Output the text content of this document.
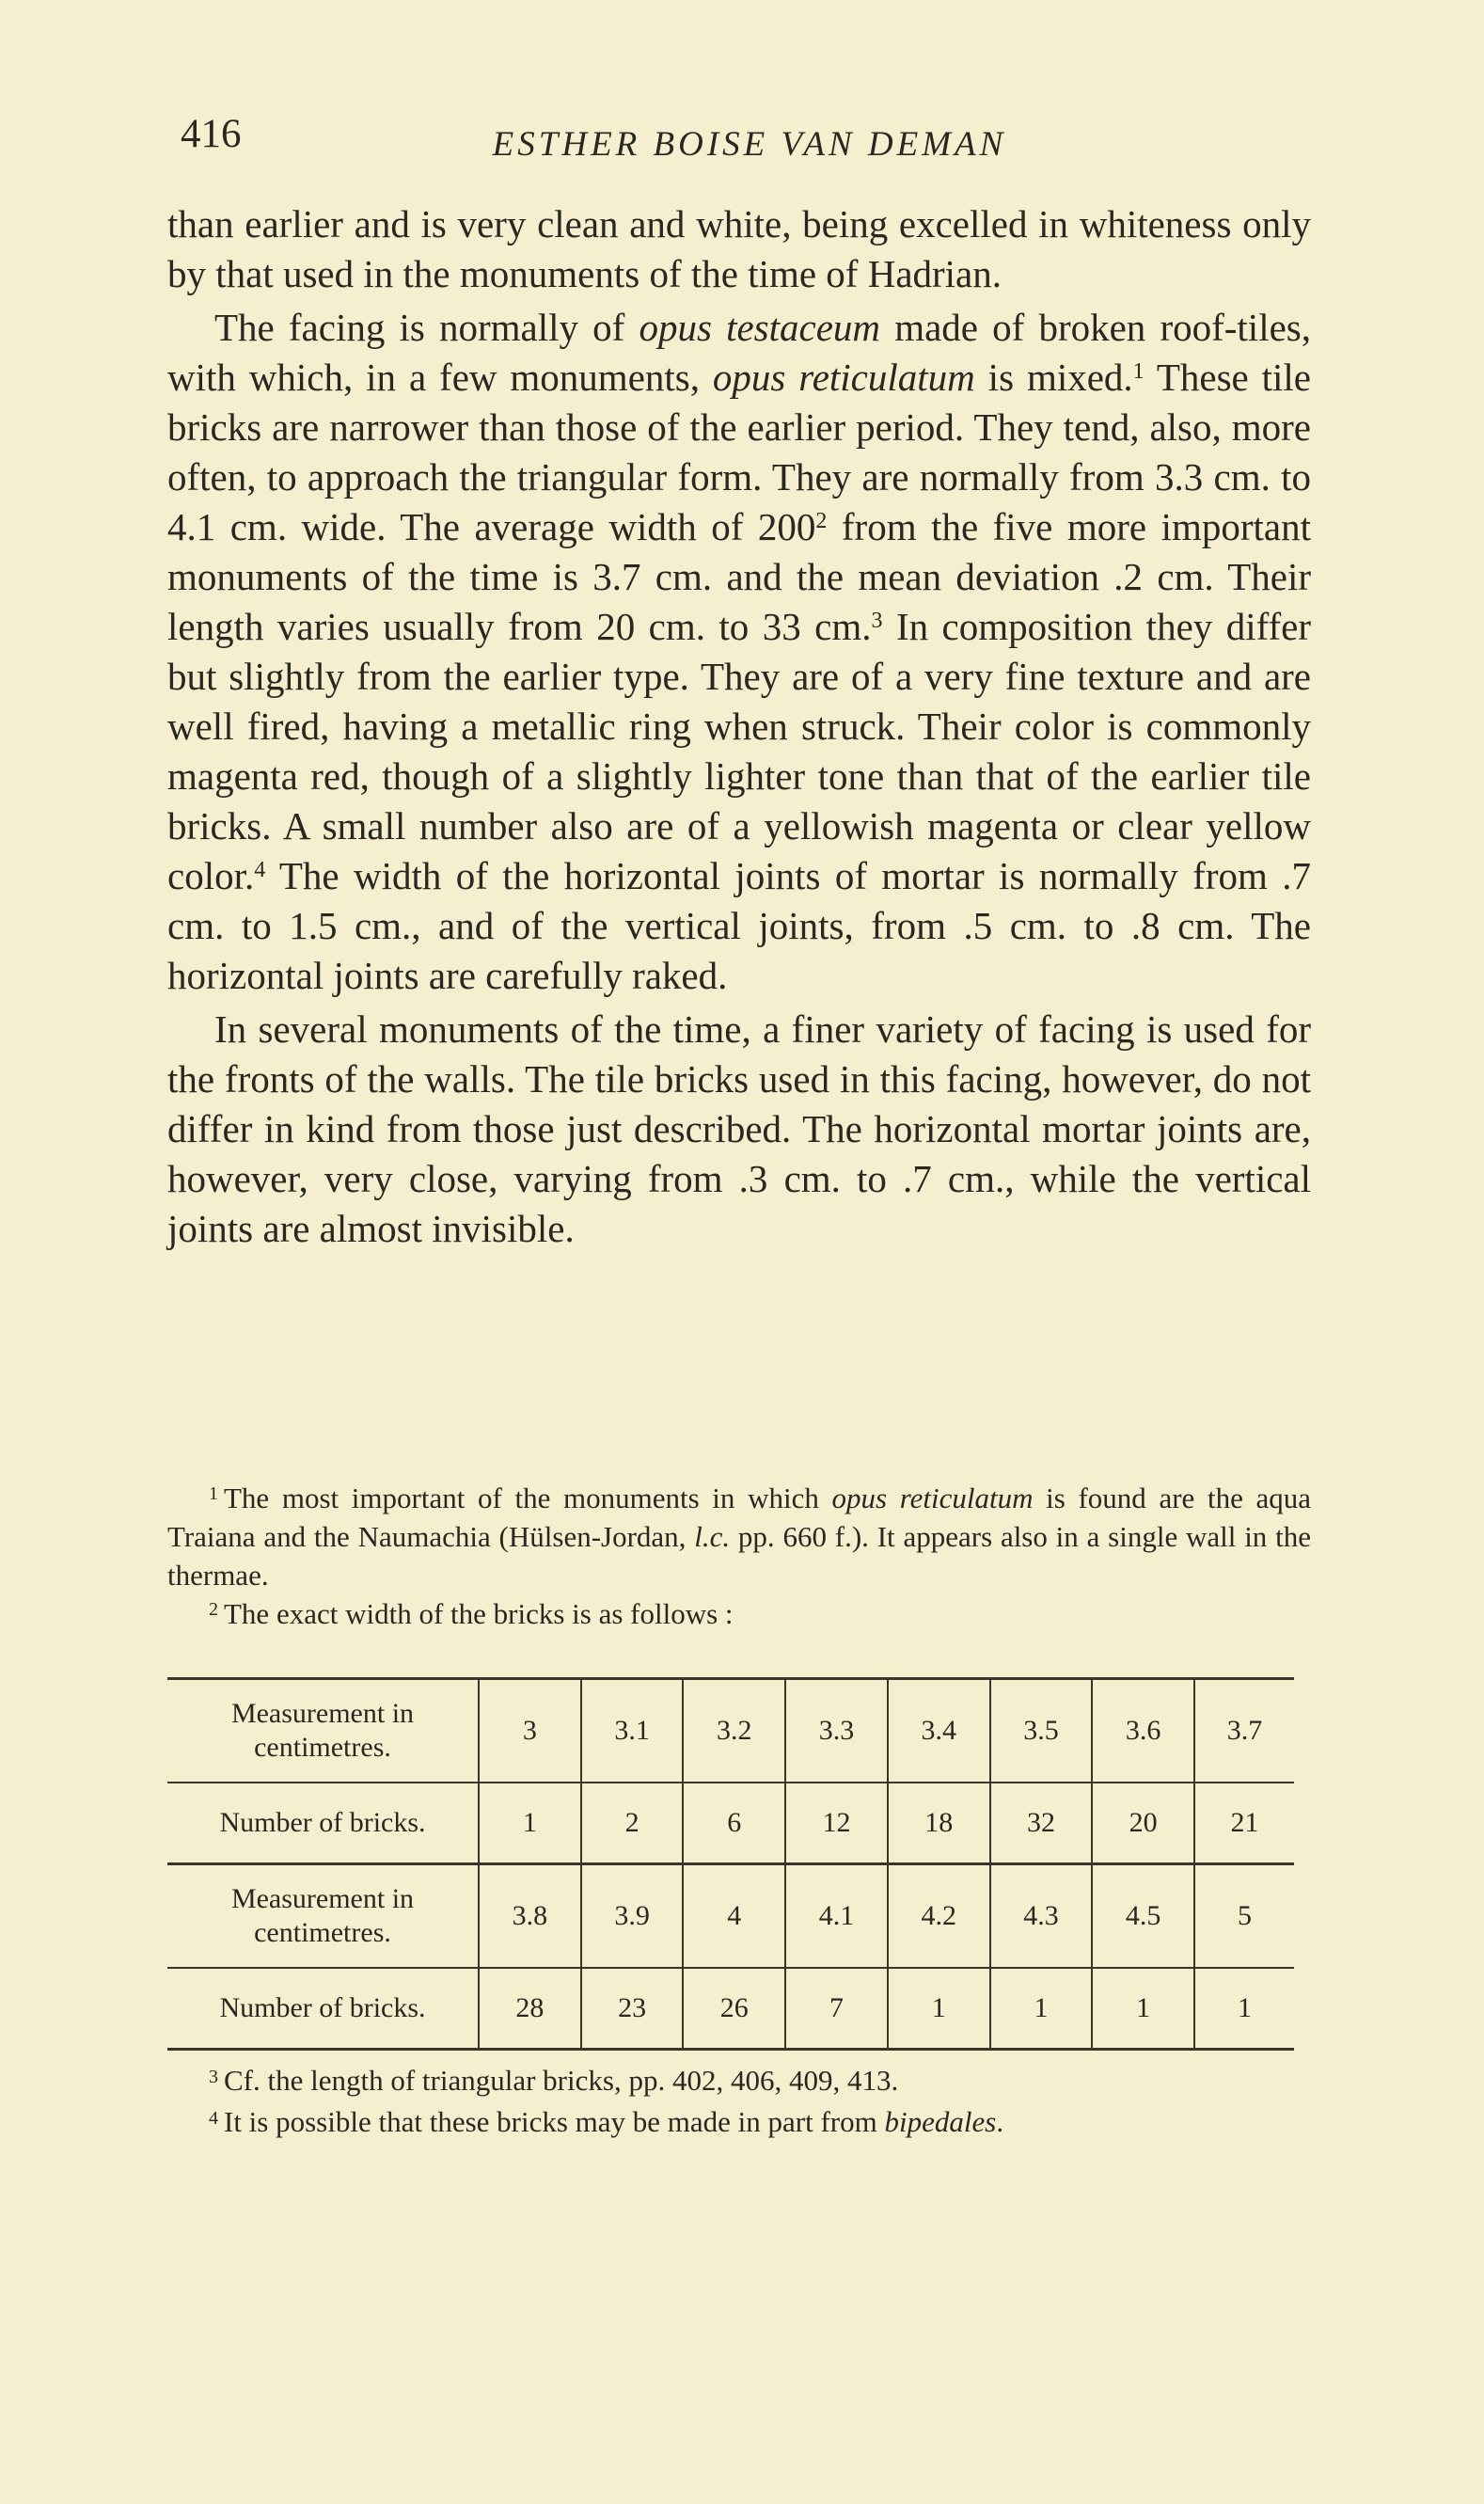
416	ESTHER BOISE VAN DEMAN

than earlier and is very clean and white, being excelled in whiteness only by that used in the monuments of the time of Hadrian.

The facing is normally of opus testaceum made of broken roof-tiles, with which, in a few monuments, opus reticulatum is mixed.$^1$ These tile bricks are narrower than those of the earlier period. They tend, also, more often, to approach the triangular form. They are normally from 3.3 cm. to 4.1 cm. wide. The average width of $200^2$ from the five more important monuments of the time is 3.7 cm. and the mean deviation .2 cm. Their length varies usually from 20 cm. to 33 cm.$^3$ In composition they differ but slightly from the earlier type. They are of a very fine texture and are well fired, having a metallic ring when struck. Their color is commonly magenta red, though of a slightly lighter tone than that of the earlier tile bricks. A small number also are of a yellowish magenta or clear yellow color.$^4$ The width of the horizontal joints of mortar is normally from .7 cm. to 1.5 cm., and of the vertical joints, from .5 cm. to .8 cm. The horizontal joints are carefully raked.

In several monuments of the time, a finer variety of facing is used for the fronts of the walls. The tile bricks used in this facing, however, do not differ in kind from those just described. The horizontal mortar joints are, however, very close, varying from .3 cm. to .7 cm., while the vertical joints are almost invisible.

$^1$ The most important of the monuments in which opus reticulatum is found are the aqua Traiana and the Naumachia (Hülsen-Jordan, l.c. pp. 660 f.). It appears also in a single wall in the thermae.

$^2$ The exact width of the bricks is as follows :

Measurement in centimetres.	3	3.1	3.2	3.3	3.4	3.5	3.6	3.7
Number of bricks.	1	2	6	12	18	32	20	21
Measurement in centimetres.	3.8	3.9	4	4.1	4.2	4.3	4.5	5
Number of bricks.	28	23	26	7	1	1	1	1

$^3$ Cf. the length of triangular bricks, pp. 402, 406, 409, 413.

$^4$ It is possible that these bricks may be made in part from bipedales.
